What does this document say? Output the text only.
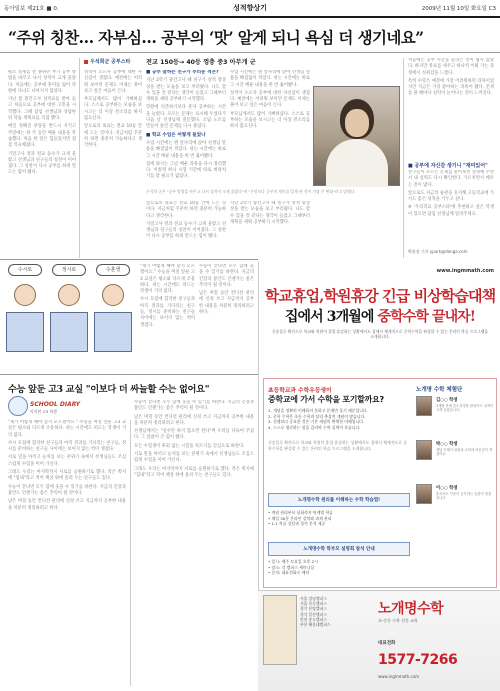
동아일보 제21호 ■ 0.	성적향상기	2009년 11월 10일 화요일 C3
“주위 칭찬… 자부심… 공부의 ‘맛’ 알게 되니 욕심 더 생기네요”
우석희군 공부스타	전교 150등→ 40등 껑충 중3 아무개 군

평소 절제를 잘 못하던 부가 공부 방법을 바꾸고 나서 성적이 크게 올랐다. 처음에는 공부에 흥미를 잃어 학원에 다녀도 나아지지 않았다.

지난 봄 중간고사 성적표를 받아 들고 처음으로 공부에 대한 고민을 시작했다. 그때 담임 선생님과 상담한 뒤 학습 계획표를 직접 짰다.

매일 정해진 분량을 반드시 지키고 주말에는 한 주 동안 배운 내용을 복습했다. 처음 한 달은 힘들었지만 점점 익숙해졌다.

기말고사 결과 전교 등수가 크게 올랐고 선생님과 친구들의 칭찬이 이어졌다. 그 칭찬이 다시 공부를 하게 만드는 힘이 됐다.

■ 공부 잘하는 친구가 부러운 적은?

지난 2학기 중간고사 때 친구가 성적 향상 상을 받는 모습을 보고 부러웠다. 나도 할 수 있을 것 같다는 생각이 들었고 그때부터 계획을 세워 공부하기 시작했다.

학원에 의존하기보다 혼자 공부하는 시간을 늘렸다. 모르는 문제는 표시해 두었다가 다음 날 선생님께 질문했다. 오답 노트를 만들어 틀린 문제를 다시 풀었다.

■ 학교 수업은 어떻게 들었나

수업 시간에는 맨 앞자리에 앉아 선생님 말씀을 빠짐없이 적었다. 쉬는 시간에는 바로 그 시간 배운 내용을 한 번 훑어봤다.

집에 와서는 그날 배운 과목을 다시 정리했다. 이렇게 하니 시험 기간에 따로 벼락치기를 할 필요가 없었다.

성적이 오르자 공부에 대한 자신감이 생겼다. 예전에는 어려워 보이던 문제도 이제는 풀어 보고 싶은 마음이 든다.

부모님께서도 많이 기뻐하셨다. 스스로 공부하는 모습을 보시고는 더 이상 잔소리를 하지 않으신다.

앞으로의 목표는 전교 10등 안에 드는 것이다. 지금처럼 꾸준히 하면 충분히 가능하다고 생각한다.

수업 시간에는 맨 앞자리에 앉아 선생님 말씀을 빠짐없이 적었다. 쉬는 시간에는 바로 그 시간 배운 내용을 한 번 훑어봤다.

성적이 오르자 공부에 대한 자신감이 생겼다. 예전에는 어려워 보이던 문제도 이제는 풀어 보고 싶은 마음이 든다.

부모님께서도 많이 기뻐하셨다. 스스로 공부하는 모습을 보시고는 더 이상 잔소리를 하지 않으신다.

우석희 군은 "공부 방법을 바꾸고 나서 성적이 크게 올랐다"며 "무엇보다 공부의 재미를 알게 된 것이 가장 큰 변화"라고 말했다.

앞으로의 목표는 전교 10등 안에 드는 것이다. 지금처럼 꾸준히 하면 충분히 가능하다고 생각한다.

기말고사 결과 전교 등수가 크게 올랐고 선생님과 친구들의 칭찬이 이어졌다. 그 칭찬이 다시 공부를 하게 만드는 힘이 됐다.

지난 2학기 중간고사 때 친구가 성적 향상 상을 받는 모습을 보고 부러웠다. 나도 할 수 있을 것 같다는 생각이 들었고 그때부터 계획을 세워 공부하기 시작했다.

처음에는 공부 시간을 늘리는 것이 쉽지 않았다. 하지만 목표를 세우고 하나씩 이뤄 가는 과정에서 성취감을 느꼈다.

특히 수학은 예전에 가장 어려워하던 과목이었지만 지금은 가장 좋아하는 과목이 됐다. 문제를 풀 때마다 실력이 늘어나는 것이 느껴진다.

■ 공부에 자신감 생기니 "재미있어"

친구들이 모르는 문제를 물어보면 설명해 주면서 내 실력도 다시 확인한다. 가르치면서 배우는 것이 많다.

앞으로도 지금의 습관을 유지해 고등학교에 가서도 좋은 성적을 거두고 싶다.

※ '우리학교 공부스타'에 추천하고 싶은 학생이 있으면 담임 선생님께 알려주세요.

박윤정 기자 ypark@donga.com
수시로	정시로	수훈생

"제가 어떻게 해야 할지 모르겠어요." 수능을 며칠 앞둔 고3 교실은 평소와 다르게 조용하다. 쉬는 시간에도 떠드는 학생이 거의 없다.

수시 모집에 합격한 친구들과 아직 결과를 기다리는 친구들, 정시를 준비하는 친구들 사이에는 보이지 않는 벽이 생겼다.

수능이 끝나면 모두 함께 웃을 수 있기를 바란다. 지금의 긴장과 불안도 언젠가는 좋은 추억이 될 것이다.

남은 며칠 동안 컨디션 관리에 신경 쓰고 지금까지 공부한 내용을 차분히 정리하려고 한다.

수능 앞둔 고3 교실 "이보다 더 싸늘할 수는 없어요"
SCHOOL DIARY
이지현 고3 학생

"제가 어떻게 해야 할지 모르겠어요." 수능을 며칠 앞둔 고3 교실은 평소와 다르게 조용하다. 쉬는 시간에도 떠드는 학생이 거의 없다.

수시 모집에 합격한 친구들과 아직 결과를 기다리는 친구들, 정시를 준비하는 친구들 사이에는 보이지 않는 벽이 생겼다.

서로 말을 아끼고 눈치를 보는 분위기 속에서 선생님들도 조심스럽게 수업을 이어 가신다.

그래도 우리는 마지막까지 서로를 응원하기로 했다. 작은 쪽지에 "힘내"라고 적어 책상 위에 올려 두는 친구들도 있다.

수능이 끝나면 모두 함께 웃을 수 있기를 바란다. 지금의 긴장과 불안도 언젠가는 좋은 추억이 될 것이다.

남은 며칠 동안 컨디션 관리에 신경 쓰고 지금까지 공부한 내용을 차분히 정리하려고 한다.

수능이 끝나면 모두 함께 웃을 수 있기를 바란다. 지금의 긴장과 불안도 언젠가는 좋은 추억이 될 것이다.

남은 며칠 동안 컨디션 관리에 신경 쓰고 지금까지 공부한 내용을 차분히 정리하려고 한다.

선생님께서는 "실수만 하지 않으면 된다"며 우리를 다독여 주셨다. 그 말씀이 큰 힘이 됐다.

모든 수험생이 후회 없는 시험을 치르기를 진심으로 바란다.

서로 말을 아끼고 눈치를 보는 분위기 속에서 선생님들도 조심스럽게 수업을 이어 가신다.

그래도 우리는 마지막까지 서로를 응원하기로 했다. 작은 쪽지에 "힘내"라고 적어 책상 위에 올려 두는 친구들도 있다.

www.ingmmath.com
학교휴업,학원휴강 긴급 비상학습대책
집에서 3개월에 중학수학 끝내자!
신종플루 확산으로 학교와 학원이 휴업·휴강하는 상황에서도 집에서 체계적으로 중학수학을 완성할 수 있는 온라인 학습 프로그램을 소개합니다.
초등학교과 수학우등생이
중학교에 가서 수학을 포기할까요?
1. 개념을 정확히 이해하지 못하고 문제만 풀기 때문입니다.
2. 중학 수학은 초등 수학과 달리 추상적 개념이 많습니다.
3. 선행보다 중요한 것은 기본 개념의 완벽한 이해입니다.
4. 스스로 생각하는 힘을 길러야 수학 실력이 오릅니다.
신종플루 확산으로 학교와 학원이 휴업·휴강하는 상황에서도 집에서 체계적으로 중학수학을 완성할 수 있는 온라인 학습 프로그램을 소개합니다.
노개명수학 원리를 이해하는 수학 학습법!
• 개념 원리부터 심화까지 단계별 학습
• 매일 30분 온라인 강의와 과제 관리
• 1:1 학습 상담과 성적 분석 제공
노개명수학 학부모 설명회 참석 안내
• 일시: 매주 토요일 오후 2시
• 장소: 각 캠퍼스 세미나실
• 문의: 대표전화로 예약
노개명 수학 체험단
김○○ 학생
3개월 만에 중1 과정을 완성하고 성적이 크게 올랐습니다.
박○○ 학생
개념 이해가 쉬워져 수학에 자신감이 생겼어요.
이○○ 학생
혼자서도 꾸준히 공부하는 습관이 생겼습니다.
서울 강남캠퍼스
서울 목동캠퍼스
경기 분당캠퍼스
경기 일산캠퍼스
인천 송도캠퍼스
부산 해운대캠퍼스
노개명수학
초·중등 수학 전문 교육
대표전화
1577-7266
www.ingmmath.com
